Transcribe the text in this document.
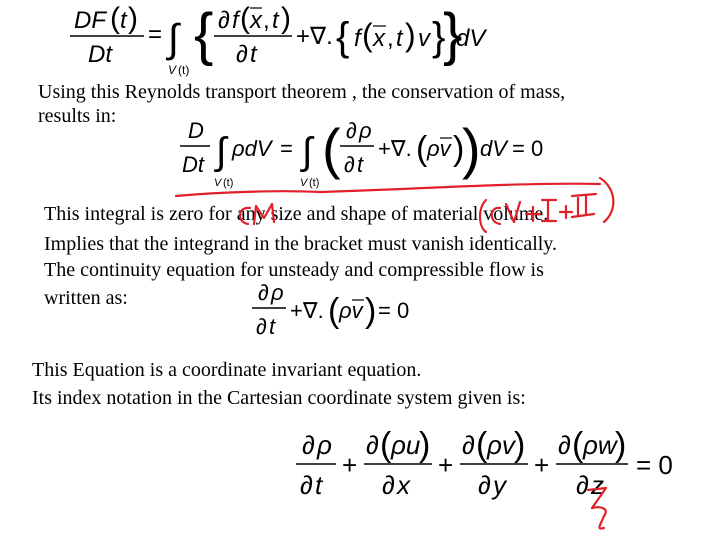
DF ( t )
Dt
= ∫
V (t)
{ ∂ f ( x , t )
∂ t
+∇. { f ( x , t ) v }
}
dV
Using this Reynolds transport theorem , the conservation of mass,
results in:
D
Dt ∫
V (t)
ρdV = ∫
V (t)
( ∂ ρ
∂ t
+∇. ( ρv )
) dV = 0
This integral is zero for any size and shape of material volume.
Implies that the integrand in the bracket must vanish identically.
The continuity equation for unsteady and compressible flow is
written as:	∂ ρ
∂ t
+∇. ( ρv ) = 0
This Equation is a coordinate invariant equation.
Its index notation in the Cartesian coordinate system given is:
∂ ρ
∂ t
+
∂ ( ρu
)
∂ x
+
∂ ( ρv )
∂ y
+
∂ ( ρw
)
∂ z
= 0
